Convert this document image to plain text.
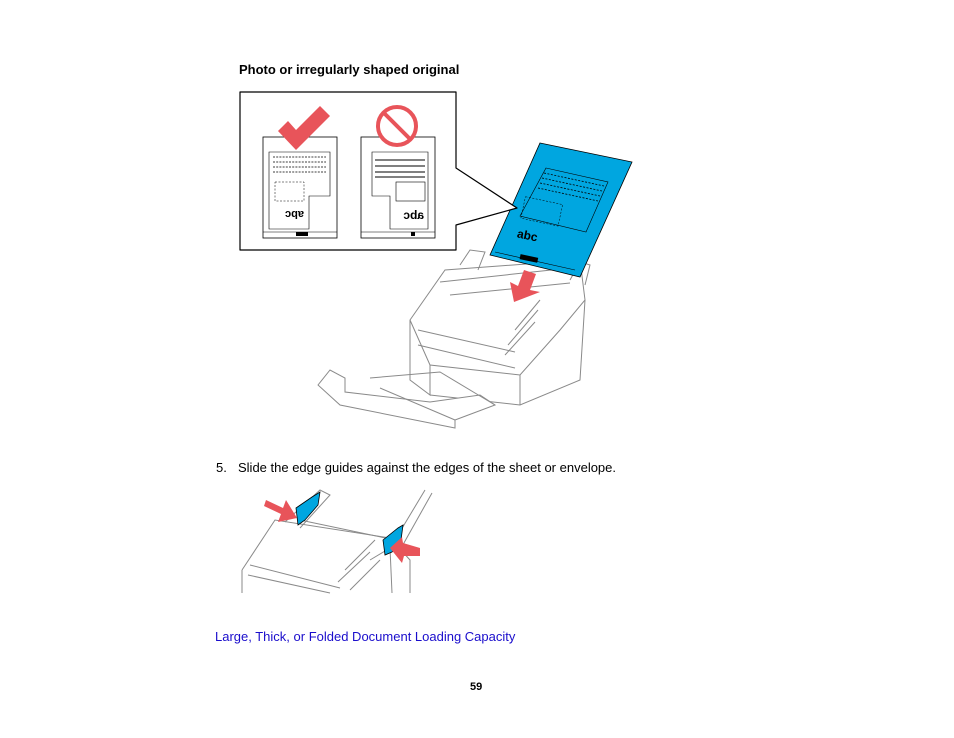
Photo or irregularly shaped original
abc
abc	abc
5. Slide the edge guides against the edges of the sheet or envelope.
Large, Thick, or Folded Document Loading Capacity
59
